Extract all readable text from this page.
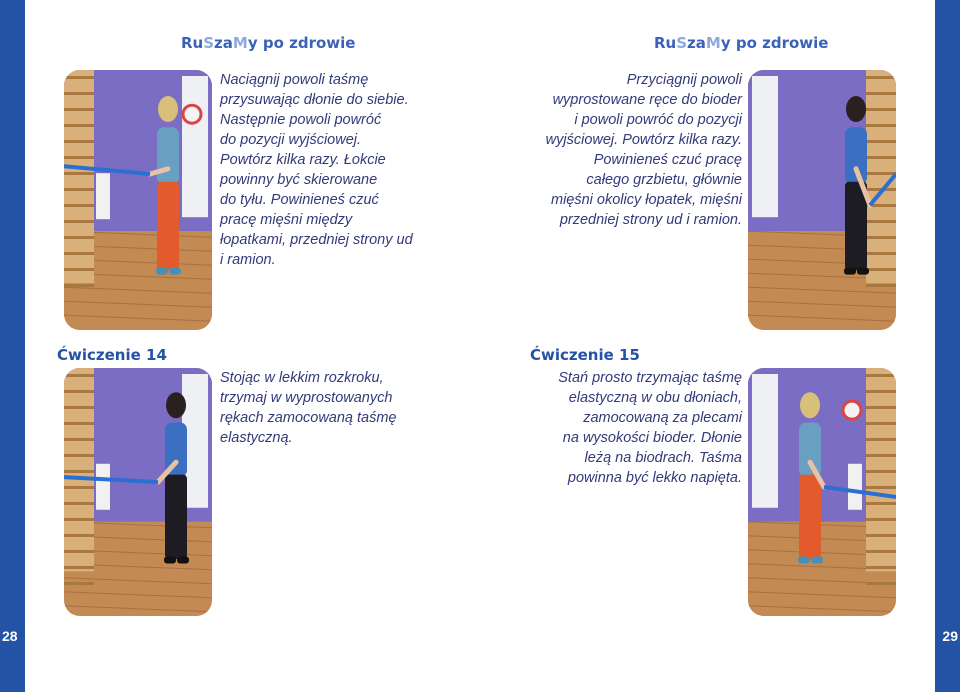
28	29
RuSzaMy po zdrowie	RuSzaMy po zdrowie

Naciągnij powoli taśmę

przysuwając dłonie do siebie.

Następnie powoli powróć

do pozycji wyjściowej.

Powtórz kilka razy. Łokcie

powinny być skierowane

do tyłu. Powinieneś czuć

pracę mięśni między

łopatkami, przedniej strony ud

i ramion.

Przyciągnij powoli

wyprostowane ręce do bioder

i powoli powróć do pozycji

wyjściowej. Powtórz kilka razy.

Powinieneś czuć pracę

całego grzbietu, głównie

mięśni okolicy łopatek, mięśni

przedniej strony ud i ramion.

Ćwiczenie 14

Stojąc w lekkim rozkroku,

trzymaj w wyprostowanych

rękach zamocowaną taśmę

elastyczną.

Ćwiczenie 15

Stań prosto trzymając taśmę

elastyczną w obu dłoniach,

zamocowaną za plecami

na wysokości bioder. Dłonie

leżą na biodrach. Taśma

powinna być lekko napięta.
